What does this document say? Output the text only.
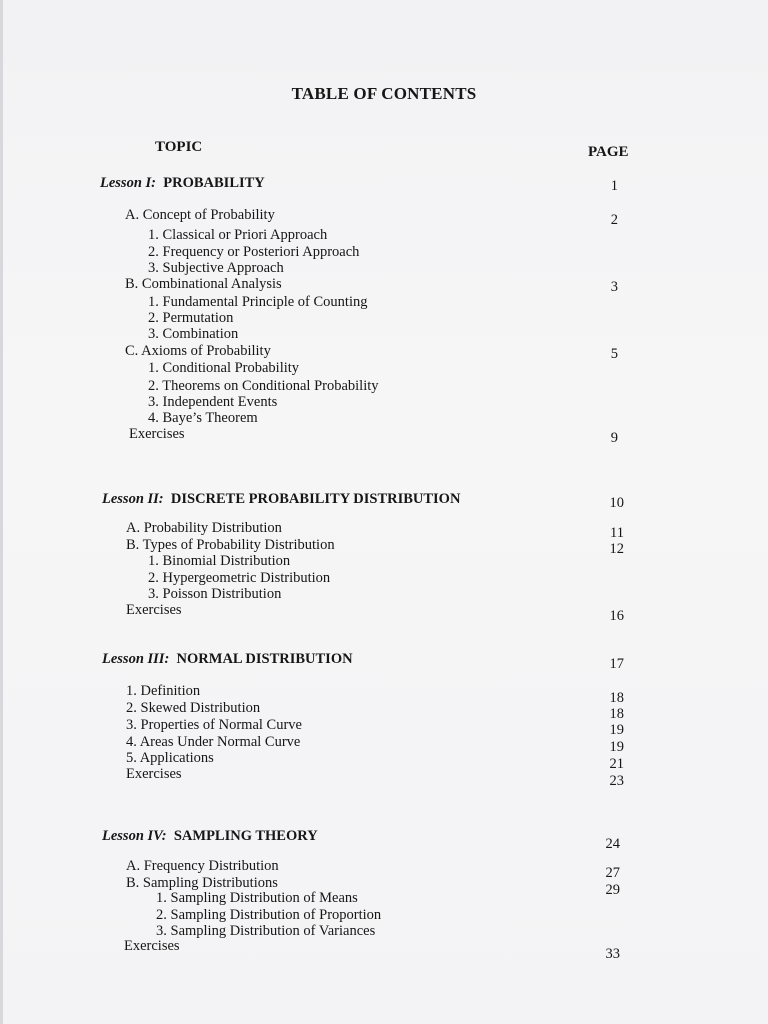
TABLE OF CONTENTS
TOPIC	PAGE
Lesson I: PROBABILITY	1
A. Concept of Probability	2
1. Classical or Priori Approach
2. Frequency or Posteriori Approach
3. Subjective Approach
B. Combinational Analysis	3
1. Fundamental Principle of Counting
2. Permutation
3. Combination
C. Axioms of Probability	5
1. Conditional Probability
2. Theorems on Conditional Probability
3. Independent Events
4. Baye’s Theorem
Exercises	9
Lesson II: DISCRETE PROBABILITY DISTRIBUTION	10
A. Probability Distribution	11
B. Types of Probability Distribution	12
1. Binomial Distribution
2. Hypergeometric Distribution
3. Poisson Distribution
Exercises	16
Lesson III: NORMAL DISTRIBUTION	17
1. Definition	18
2. Skewed Distribution	18
3. Properties of Normal Curve	19
4. Areas Under Normal Curve	19
5. Applications	21
Exercises	23
Lesson IV: SAMPLING THEORY	24
A. Frequency Distribution	27
B. Sampling Distributions	29
1. Sampling Distribution of Means
2. Sampling Distribution of Proportion
3. Sampling Distribution of Variances
Exercises	33
